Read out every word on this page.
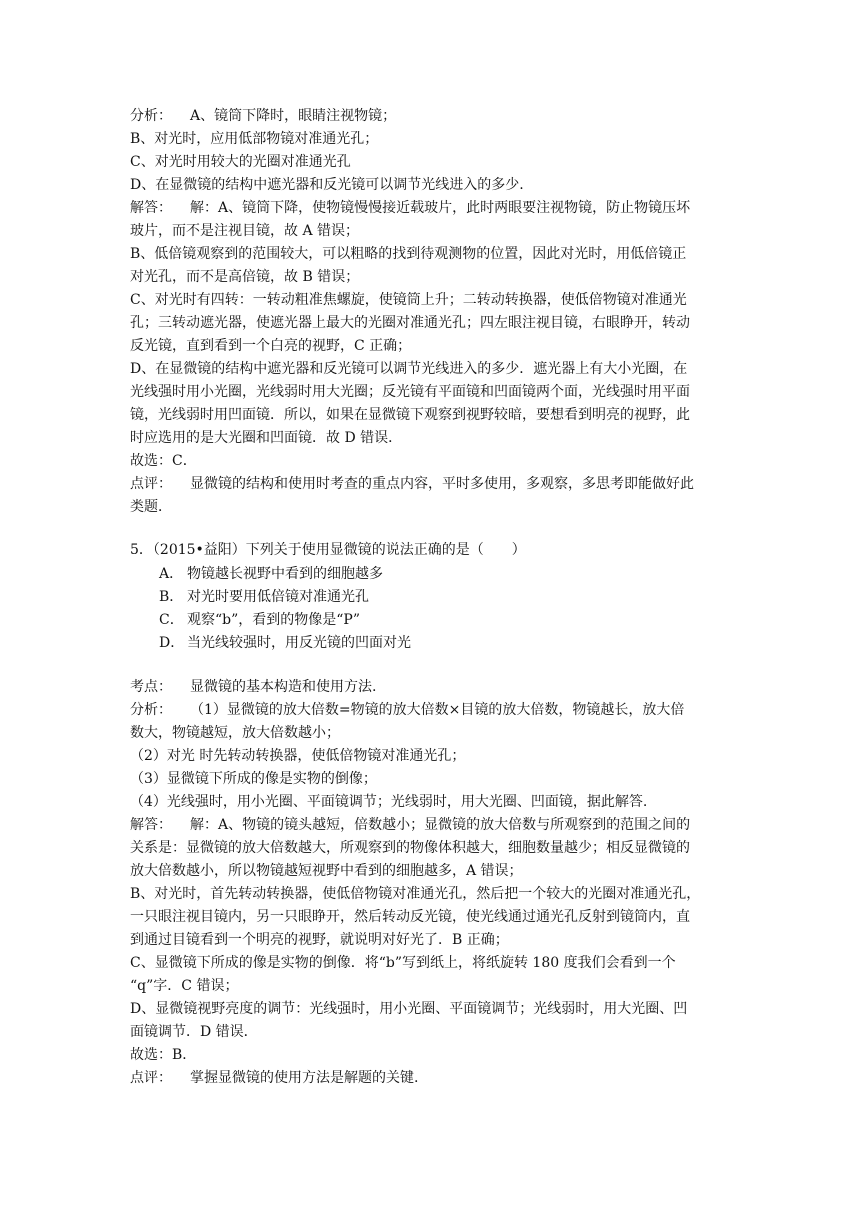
分析： A、镜筒下降时，眼睛注视物镜；
B、对光时，应用低部物镜对准通光孔；
C、对光时用较大的光圈对准通光孔
D、在显微镜的结构中遮光器和反光镜可以调节光线进入的多少.
解答： 解：A、镜筒下降，使物镜慢慢接近载玻片，此时两眼要注视物镜，防止物镜压坏
玻片，而不是注视目镜，故 A 错误；
B、低倍镜观察到的范围较大，可以粗略的找到待观测物的位置，因此对光时，用低倍镜正
对光孔，而不是高倍镜，故 B 错误；
C、对光时有四转：一转动粗准焦螺旋，使镜筒上升；二转动转换器，使低倍物镜对准通光
孔；三转动遮光器，使遮光器上最大的光圈对准通光孔；四左眼注视目镜，右眼睁开，转动
反光镜，直到看到一个白亮的视野，C 正确；
D、在显微镜的结构中遮光器和反光镜可以调节光线进入的多少．遮光器上有大小光圈，在
光线强时用小光圈，光线弱时用大光圈；反光镜有平面镜和凹面镜两个面，光线强时用平面
镜，光线弱时用凹面镜．所以，如果在显微镜下观察到视野较暗，要想看到明亮的视野，此
时应选用的是大光圈和凹面镜．故 D 错误．
故选：C．
点评： 显微镜的结构和使用时考查的重点内容，平时多使用，多观察，多思考即能做好此
类题．
5．（2015•益阳）下列关于使用显微镜的说法正确的是（　　）
A． 物镜越长视野中看到的细胞越多
B． 对光时要用低倍镜对准通光孔
C． 观察“b”，看到的物像是“P”
D． 当光线较强时，用反光镜的凹面对光
考点： 显微镜的基本构造和使用方法.
分析： （1）显微镜的放大倍数=物镜的放大倍数×目镜的放大倍数，物镜越长，放大倍
数大，物镜越短，放大倍数越小；
（2）对光 时先转动转换器，使低倍物镜对准通光孔；
（3）显微镜下所成的像是实物的倒像；
（4）光线强时，用小光圈、平面镜调节；光线弱时，用大光圈、凹面镜，据此解答.
解答： 解：A、物镜的镜头越短，倍数越小；显微镜的放大倍数与所观察到的范围之间的
关系是：显微镜的放大倍数越大，所观察到的物像体积越大，细胞数量越少；相反显微镜的
放大倍数越小，所以物镜越短视野中看到的细胞越多，A 错误；
B、对光时，首先转动转换器，使低倍物镜对准通光孔，然后把一个较大的光圈对准通光孔，
一只眼注视目镜内，另一只眼睁开，然后转动反光镜，使光线通过通光孔反射到镜筒内，直
到通过目镜看到一个明亮的视野，就说明对好光了．B 正确；
C、显微镜下所成的像是实物的倒像．将“b”写到纸上，将纸旋转 180 度我们会看到一个
“q”字．C 错误；
D、显微镜视野亮度的调节：光线强时，用小光圈、平面镜调节；光线弱时，用大光圈、凹
面镜调节．D 错误．
故选：B．
点评： 掌握显微镜的使用方法是解题的关键.
